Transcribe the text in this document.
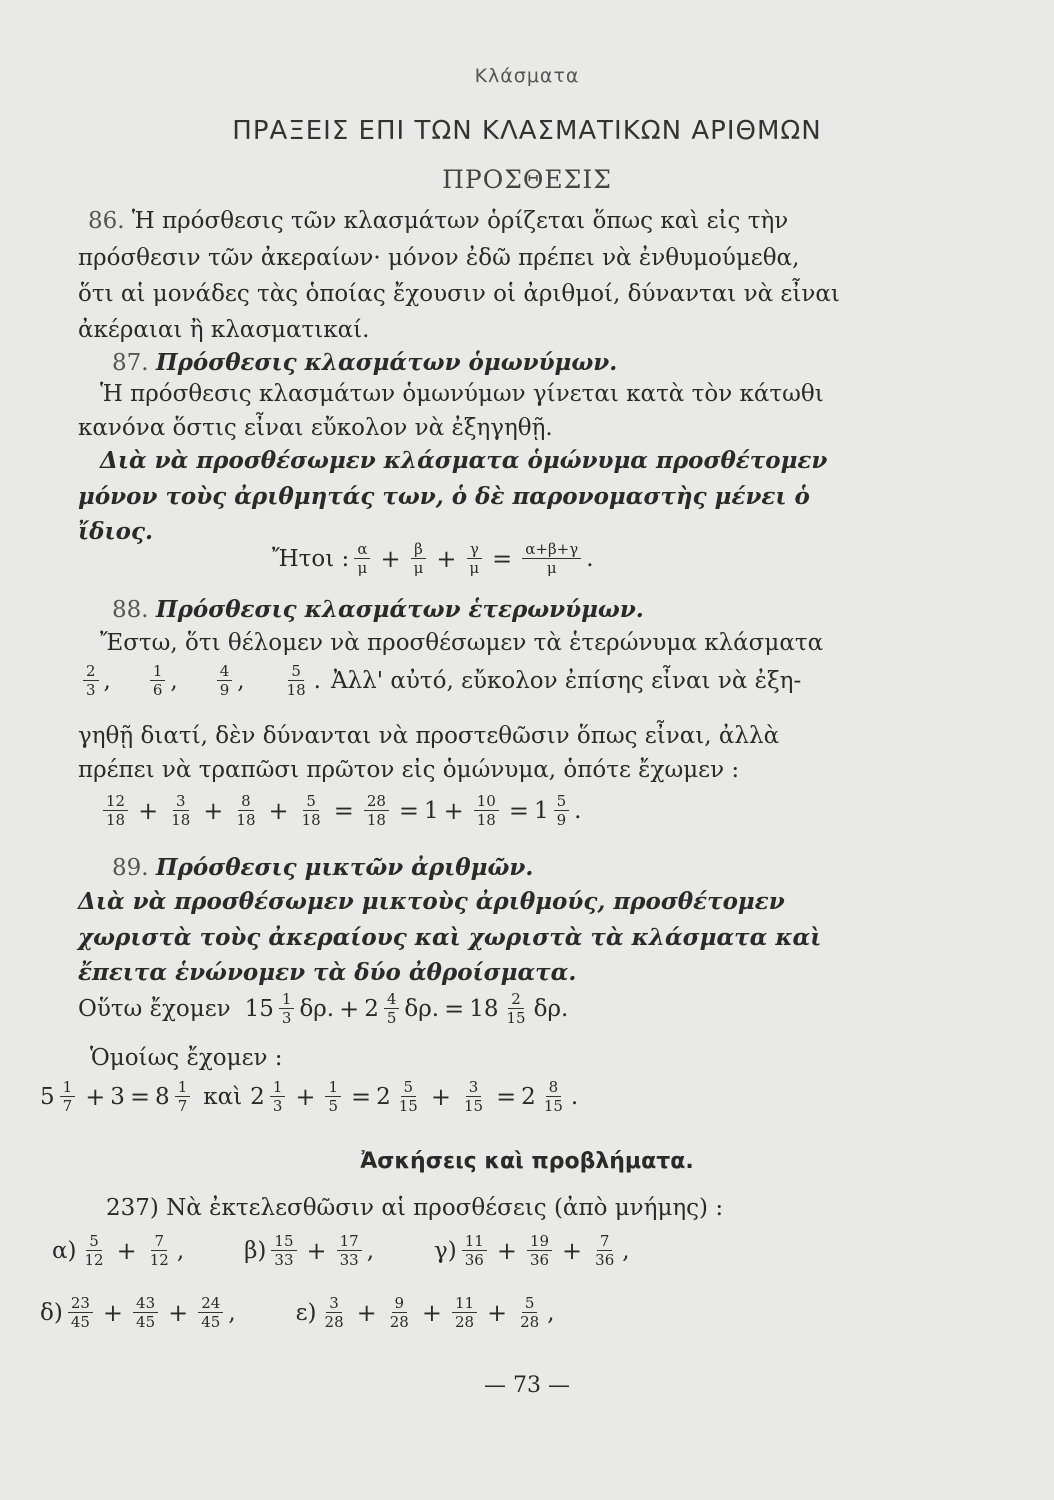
Κλάσματα
ΠΡΑΞΕΙΣ ΕΠΙ ΤΩΝ ΚΛΑΣΜΑΤΙΚΩΝ ΑΡΙΘΜΩΝ
ΠΡΟΣΘΕΣΙΣ
86. Ἡ πρόσθεσις τῶν κλασμάτων ὁρίζεται ὅπως καὶ εἰς τὴν
πρόσθεσιν τῶν ἀκεραίων· μόνον ἐδῶ πρέπει νὰ ἐνθυμούμεθα,
ὅτι αἱ μονάδες τὰς ὁποίας ἔχουσιν οἱ ἀριθμοί, δύνανται νὰ εἶναι
ἀκέραιαι ἢ κλασματικαί.
87. Πρόσθεσις κλασμάτων ὁμωνύμων.
Ἡ πρόσθεσις κλασμάτων ὁμωνύμων γίνεται κατὰ τὸν κάτωθι
κανόνα ὅστις εἶναι εὔκολον νὰ ἐξηγηθῇ.
Διὰ νὰ προσθέσωμεν κλάσματα ὁμώνυμα προσθέτομεν
μόνον τοὺς ἀριθμητάς των, ὁ δὲ παρονομαστὴς μένει ὁ
ἴδιος.
Ἤτοι : $\frac{\alpha}{\mu} + \frac{\beta}{\mu} + \frac{\gamma}{\mu} = \frac{\alpha+\beta+\gamma}{\mu}$ .
88. Πρόσθεσις κλασμάτων ἑτερωνύμων.
Ἔστω, ὅτι θέλομεν νὰ προσθέσωμεν τὰ ἑτερώνυμα κλάσματα
$\frac{2}{3}$ ,	$\frac{1}{6}$ ,	$\frac{4}{9}$ ,	$\frac{5}{18}$ . Ἀλλ' αὐτό, εὔκολον ἐπίσης εἶναι νὰ ἐξη-
γηθῇ διατί, δὲν δύνανται νὰ προστεθῶσιν ὅπως εἶναι, ἀλλὰ
πρέπει νὰ τραπῶσι πρῶτον εἰς ὁμώνυμα, ὁπότε ἔχωμεν :
$\frac{12}{18} + \frac{3}{18} + \frac{8}{18} + \frac{5}{18} = \frac{28}{18} = 1 + \frac{10}{18} = 1 \frac{5}{9}$ .
89. Πρόσθεσις μικτῶν ἀριθμῶν.
Διὰ νὰ προσθέσωμεν μικτοὺς ἀριθμούς, προσθέτομεν
χωριστὰ τοὺς ἀκεραίους καὶ χωριστὰ τὰ κλάσματα καὶ
ἔπειτα ἑνώνομεν τὰ δύο ἀθροίσματα.
Οὕτω ἔχομεν $15 \frac{1}{3} \delta\rho$. + $2 \frac{4}{5} \delta\rho$. = $18 \frac{2}{15} \delta\rho$.
Ὁμοίως ἔχομεν :
$5 \frac{1}{7} + 3 = 8 \frac{1}{7}$ καὶ $2 \frac{1}{3} + \frac{1}{5} = 2 \frac{5}{15} + \frac{3}{15} = 2 \frac{8}{15}$ .
Ἀσκήσεις καὶ προβλήματα.
237) Νὰ ἐκτελεσθῶσιν αἱ προσθέσεις (ἀπὸ μνήμης) :
$\alpha) \frac{5}{12} + \frac{7}{12}$ ,	$\beta) \frac{15}{33} + \frac{17}{33}$ ,	$\gamma) \frac{11}{36} + \frac{19}{36} + \frac{7}{36}$ ,
$\delta) \frac{23}{45} + \frac{43}{45} + \frac{24}{45}$ ,	$\varepsilon) \frac{3}{28} + \frac{9}{28} + \frac{11}{28} + \frac{5}{28}$ ,
— 73 —
